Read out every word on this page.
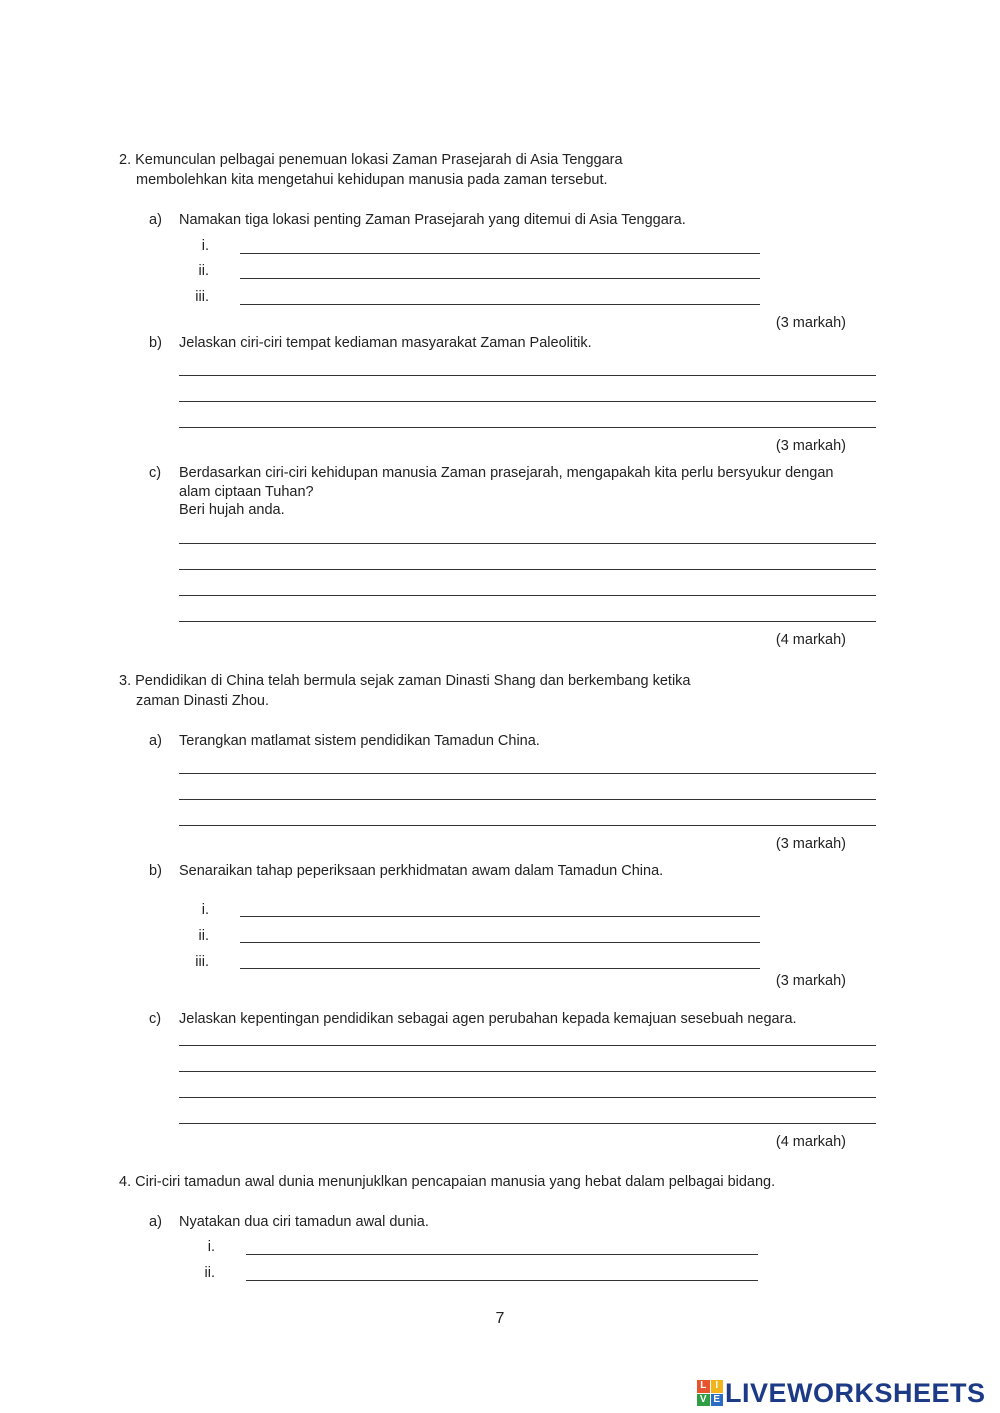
2. Kemunculan pelbagai penemuan lokasi Zaman Prasejarah di Asia Tenggara
membolehkan kita mengetahui kehidupan manusia pada zaman tersebut.
a) Namakan tiga lokasi penting Zaman Prasejarah yang ditemui di Asia Tenggara.
i.
ii.
iii.
(3 markah)
b) Jelaskan ciri-ciri tempat kediaman masyarakat Zaman Paleolitik.
(3 markah)
c) Berdasarkan ciri-ciri kehidupan manusia Zaman prasejarah, mengapakah kita perlu bersyukur dengan
alam ciptaan Tuhan?
Beri hujah anda.
(4 markah)
3. Pendidikan di China telah bermula sejak zaman Dinasti Shang dan berkembang ketika
zaman Dinasti Zhou.
a) Terangkan matlamat sistem pendidikan Tamadun China.
(3 markah)
b) Senaraikan tahap peperiksaan perkhidmatan awam dalam Tamadun China.
i.
ii.
iii.
(3 markah)
c) Jelaskan kepentingan pendidikan sebagai agen perubahan kepada kemajuan sesebuah negara.
(4 markah)
4. Ciri-ciri tamadun awal dunia menunjuklkan pencapaian manusia yang hebat dalam pelbagai bidang.
a) Nyatakan dua ciri tamadun awal dunia.
i.
ii.
7
L I
V E LIVEWORKSHEETS
